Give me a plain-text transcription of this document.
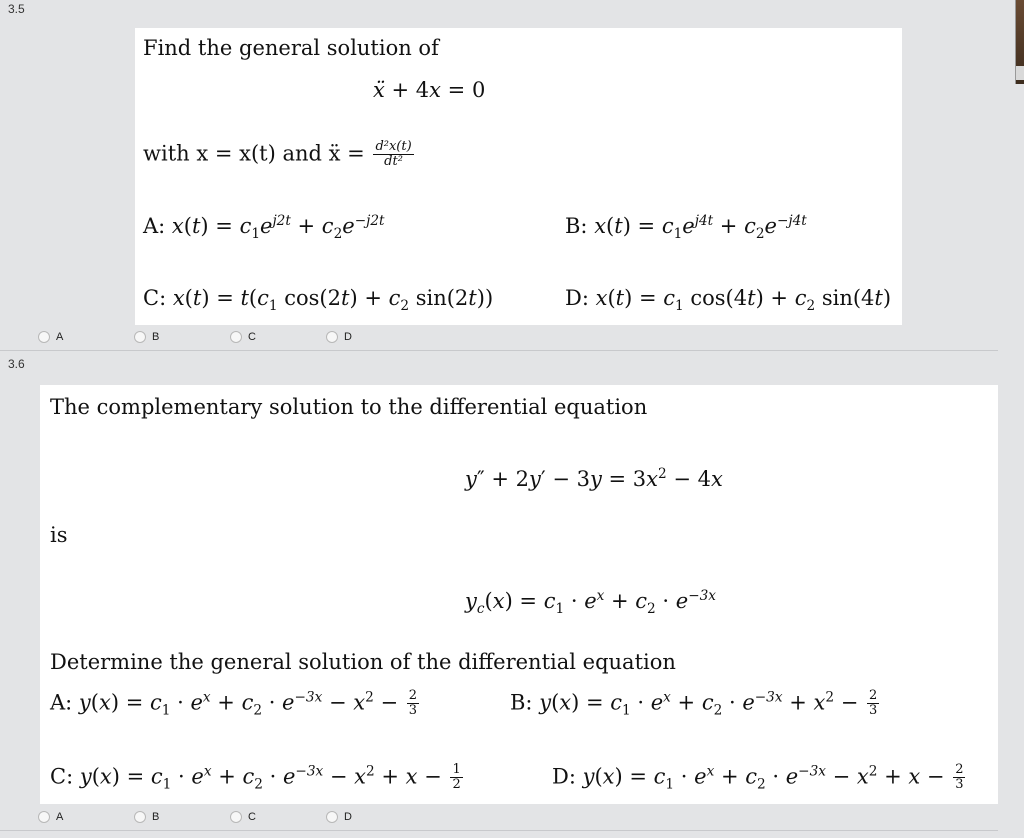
3.5
Find the general solution of
ẍ + 4x = 0
with x = x(t) and ẍ = $\frac{\text{d²x(t)}}{\text{dt²}}$
A: $x(t) = c_1e^{j2t} + c_2e^{-j2t}$	B: $x(t) = c_1e^{j4t} + c_2e^{-j4t}$
C: $x(t) = t(c_1$ $\cos(2t) + c_2$ sin(2t))	D: $x(t) = c_1$ $\cos(4t) + c_2$ sin(4t)
A	B	C	D
3.6
The complementary solution to the differential equation
$y'' + 2y' - 3y = 3x^2 - 4x$
is
$y_c(x) = c_1 \cdot e^x + c_2 \cdot e^{-3x}$
Determine the general solution of the differential equation
A: $y(x) = c_1 \cdot e^x + c_2 \cdot e^{-3x} - x^2 - \frac{2}{3}$	B: $y(x) = c_1 \cdot e^x + c_2 \cdot e^{-3x} + x^2 - \frac{2}{3}$
C: $y(x) = c_1 \cdot e^x + c_2 \cdot e^{-3x} - x^2 + x - \frac{1}{2}$	D: $y(x) = c_1 \cdot e^x + c_2 \cdot e^{-3x} - x^2 + x - \frac{2}{3}$
A	B	C	D
